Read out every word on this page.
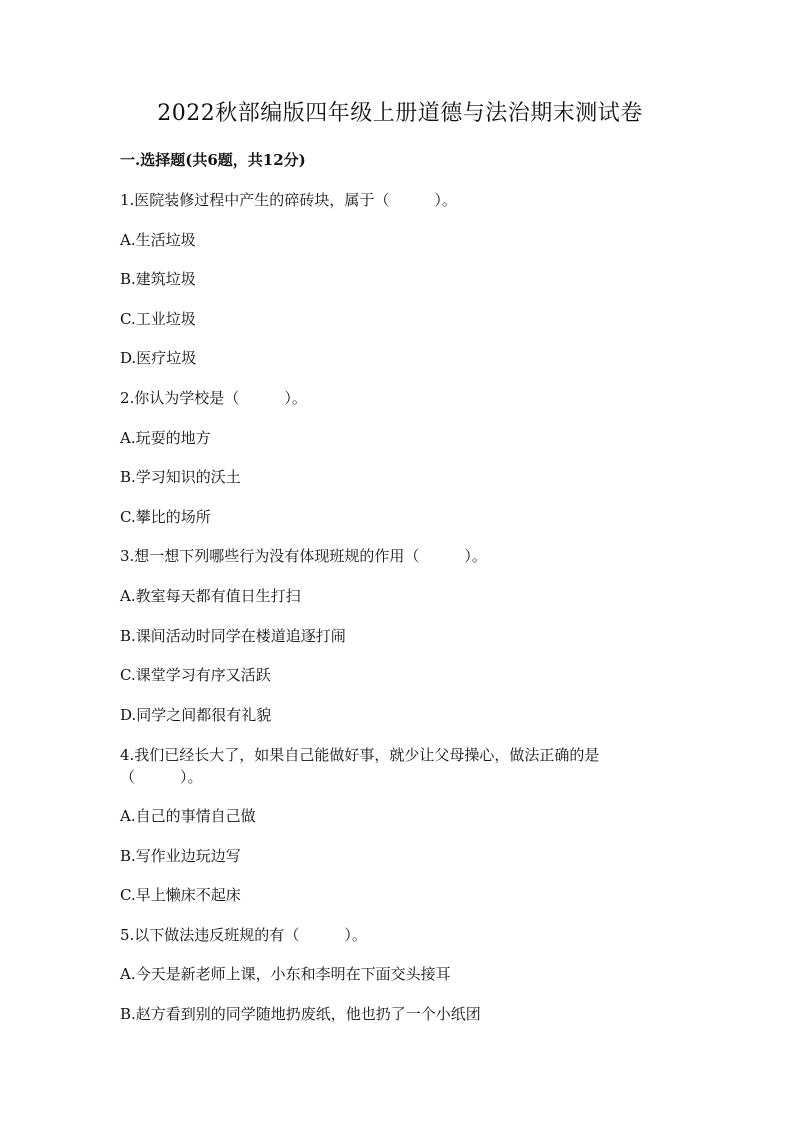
2022秋部编版四年级上册道德与法治期末测试卷
一.选择题(共6题，共12分)
1.医院装修过程中产生的碎砖块，属于（　　　）。
A.生活垃圾
B.建筑垃圾
C.工业垃圾
D.医疗垃圾
2.你认为学校是（　　　）。
A.玩耍的地方
B.学习知识的沃土
C.攀比的场所
3.想一想下列哪些行为没有体现班规的作用（　　　）。
A.教室每天都有值日生打扫
B.课间活动时同学在楼道追逐打闹
C.课堂学习有序又活跃
D.同学之间都很有礼貌
4.我们已经长大了，如果自己能做好事，就少让父母操心，做法正确的是
（　　　）。
A.自己的事情自己做
B.写作业边玩边写
C.早上懒床不起床
5.以下做法违反班规的有（　　　）。
A.今天是新老师上课，小东和李明在下面交头接耳
B.赵方看到别的同学随地扔废纸，他也扔了一个小纸团
